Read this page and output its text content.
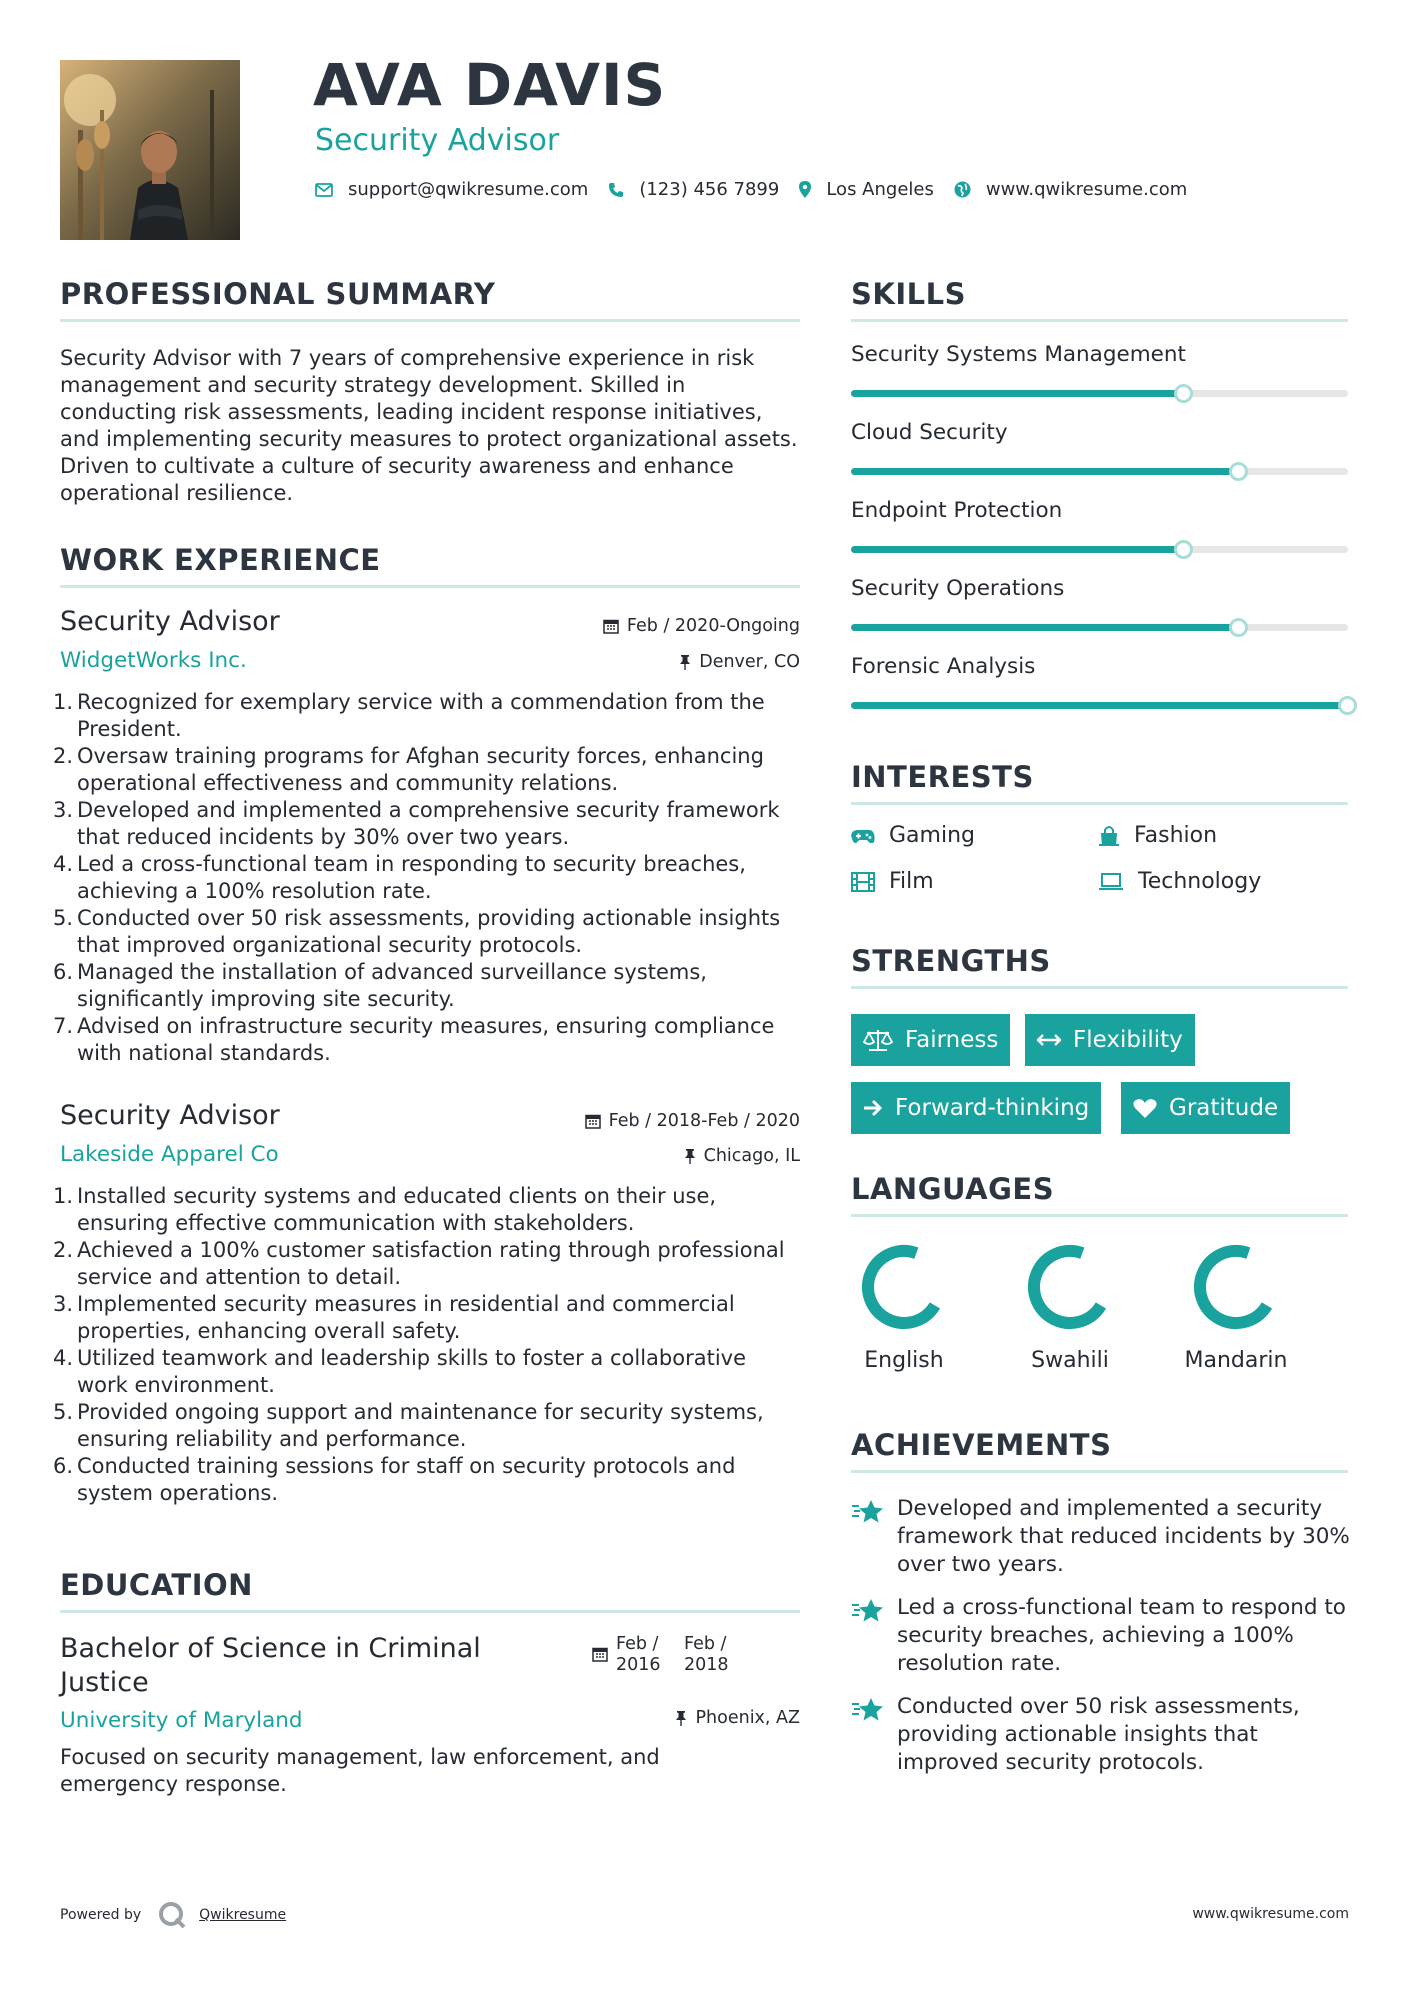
AVA DAVIS
Security Advisor
support@qwikresume.com	(123) 456 7899	Los Angeles	www.qwikresume.com
PROFESSIONAL SUMMARY
Security Advisor with 7 years of comprehensive experience in risk management and security strategy development. Skilled in conducting risk assessments, leading incident response initiatives, and implementing security measures to protect organizational assets. Driven to cultivate a culture of security awareness and enhance operational resilience.
WORK EXPERIENCE
Security Advisor	Feb / 2020-Ongoing
WidgetWorks Inc.	Denver, CO
1. Recognized for exemplary service with a commendation from the President.
2. Oversaw training programs for Afghan security forces, enhancing operational effectiveness and community relations.
3. Developed and implemented a comprehensive security framework that reduced incidents by 30% over two years.
4. Led a cross-functional team in responding to security breaches, achieving a 100% resolution rate.
5. Conducted over 50 risk assessments, providing actionable insights that improved organizational security protocols.
6. Managed the installation of advanced surveillance systems, significantly improving site security.
7. Advised on infrastructure security measures, ensuring compliance with national standards.
Security Advisor	Feb / 2018-Feb / 2020
Lakeside Apparel Co	Chicago, IL
1. Installed security systems and educated clients on their use, ensuring effective communication with stakeholders.
2. Achieved a 100% customer satisfaction rating through professional service and attention to detail.
3. Implemented security measures in residential and commercial properties, enhancing overall safety.
4. Utilized teamwork and leadership skills to foster a collaborative work environment.
5. Provided ongoing support and maintenance for security systems, ensuring reliability and performance.
6. Conducted training sessions for staff on security protocols and system operations.
EDUCATION
Bachelor of Science in Criminal Justice
Feb /
2016
Feb /
2018
University of Maryland	Phoenix, AZ
Focused on security management, law enforcement, and emergency response.
SKILLS
Security Systems Management
Cloud Security
Endpoint Protection
Security Operations
Forensic Analysis
INTERESTS
Gaming	Fashion
Film	Technology
STRENGTHS
Fairness	Flexibility
Forward-thinking	Gratitude
LANGUAGES
English	Swahili	Mandarin
ACHIEVEMENTS
Developed and implemented a security framework that reduced incidents by 30% over two years.
Led a cross-functional team to respond to security breaches, achieving a 100% resolution rate.
Conducted over 50 risk assessments, providing actionable insights that improved security protocols.
Powered by	Qwikresume	www.qwikresume.com
